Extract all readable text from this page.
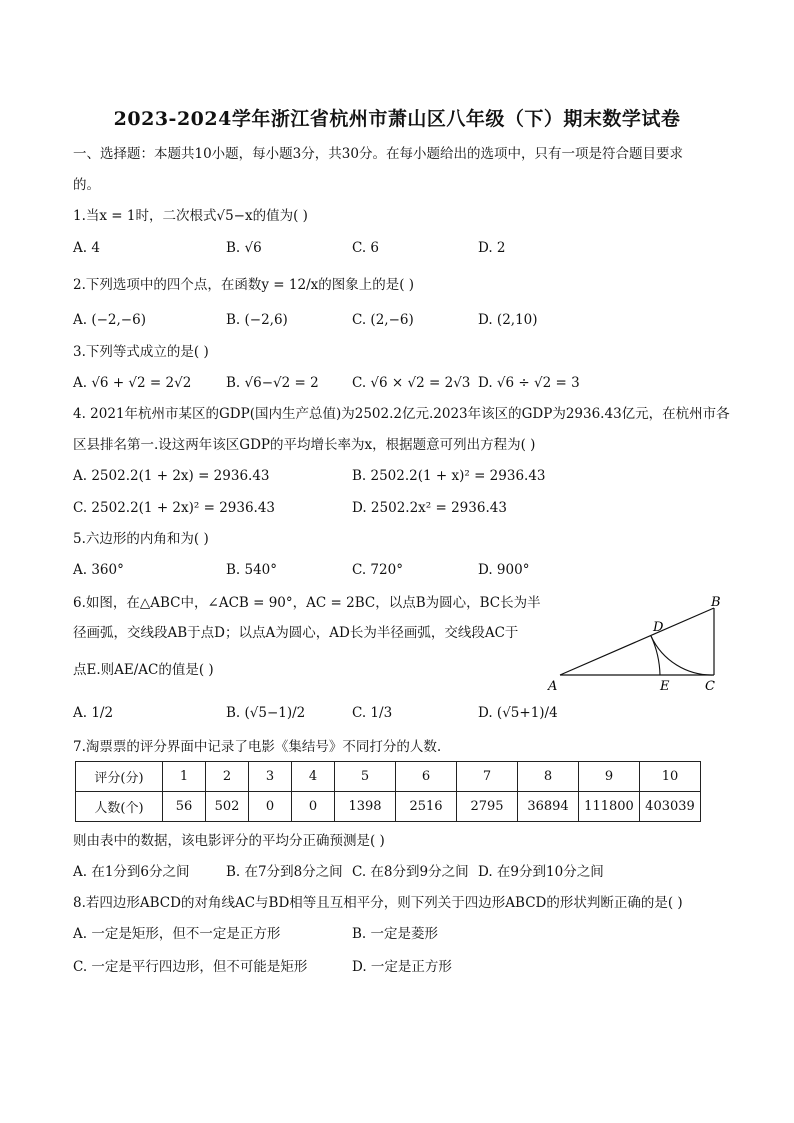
2023-2024学年浙江省杭州市萧山区八年级（下）期末数学试卷
一、选择题：本题共10小题，每小题3分，共30分。在每小题给出的选项中，只有一项是符合题目要求
的。
1.当x = 1时，二次根式√5−x的值为( )
A. 4	B. √6	C. 6	D. 2
2.下列选项中的四个点，在函数y = 12/x的图象上的是( )
A. (−2,−6)	B. (−2,6)	C. (2,−6)	D. (2,10)
3.下列等式成立的是( )
A. √6 + √2 = 2√2	B. √6−√2 = 2 C. √6 × √2 = 2√3 D. √6 ÷ √2 = 3
4. 2021年杭州市某区的GDP(国内生产总值)为2502.2亿元.2023年该区的GDP为2936.43亿元，在杭州市各
区县排名第一.设这两年该区GDP的平均增长率为x，根据题意可列出方程为( )
A. 2502.2(1 + 2x) = 2936.43	B. 2502.2(1 + x)² = 2936.43
C. 2502.2(1 + 2x)² = 2936.43	D. 2502.2x² = 2936.43
5.六边形的内角和为( )
A. 360°	B. 540°	C. 720°	D. 900°
6.如图，在△ABC中，∠ACB = 90°，AC = 2BC，以点B为圆心，BC长为半
径画弧，交线段AB于点D；以点A为圆心，AD长为半径画弧，交线段AC于
点E.则AE/AC的值是( )
A. 1/2	B. (√5−1)/2	C. 1/3	D. (√5+1)/4
A
B
C
D
E
7.淘票票的评分界面中记录了电影《集结号》不同打分的人数.
评分(分)	1	2	3	4	5	6	7	8	9	10
人数(个)	56	502	0	0	1398	2516	2795	36894	111800	403039
则由表中的数据，该电影评分的平均分正确预测是( )
A. 在1分到6分之间	B. 在7分到8分之间 C. 在8分到9分之间 D. 在9分到10分之间
8.若四边形ABCD的对角线AC与BD相等且互相平分，则下列关于四边形ABCD的形状判断正确的是( )
A. 一定是矩形，但不一定是正方形	B. 一定是菱形
C. 一定是平行四边形，但不可能是矩形	D. 一定是正方形
